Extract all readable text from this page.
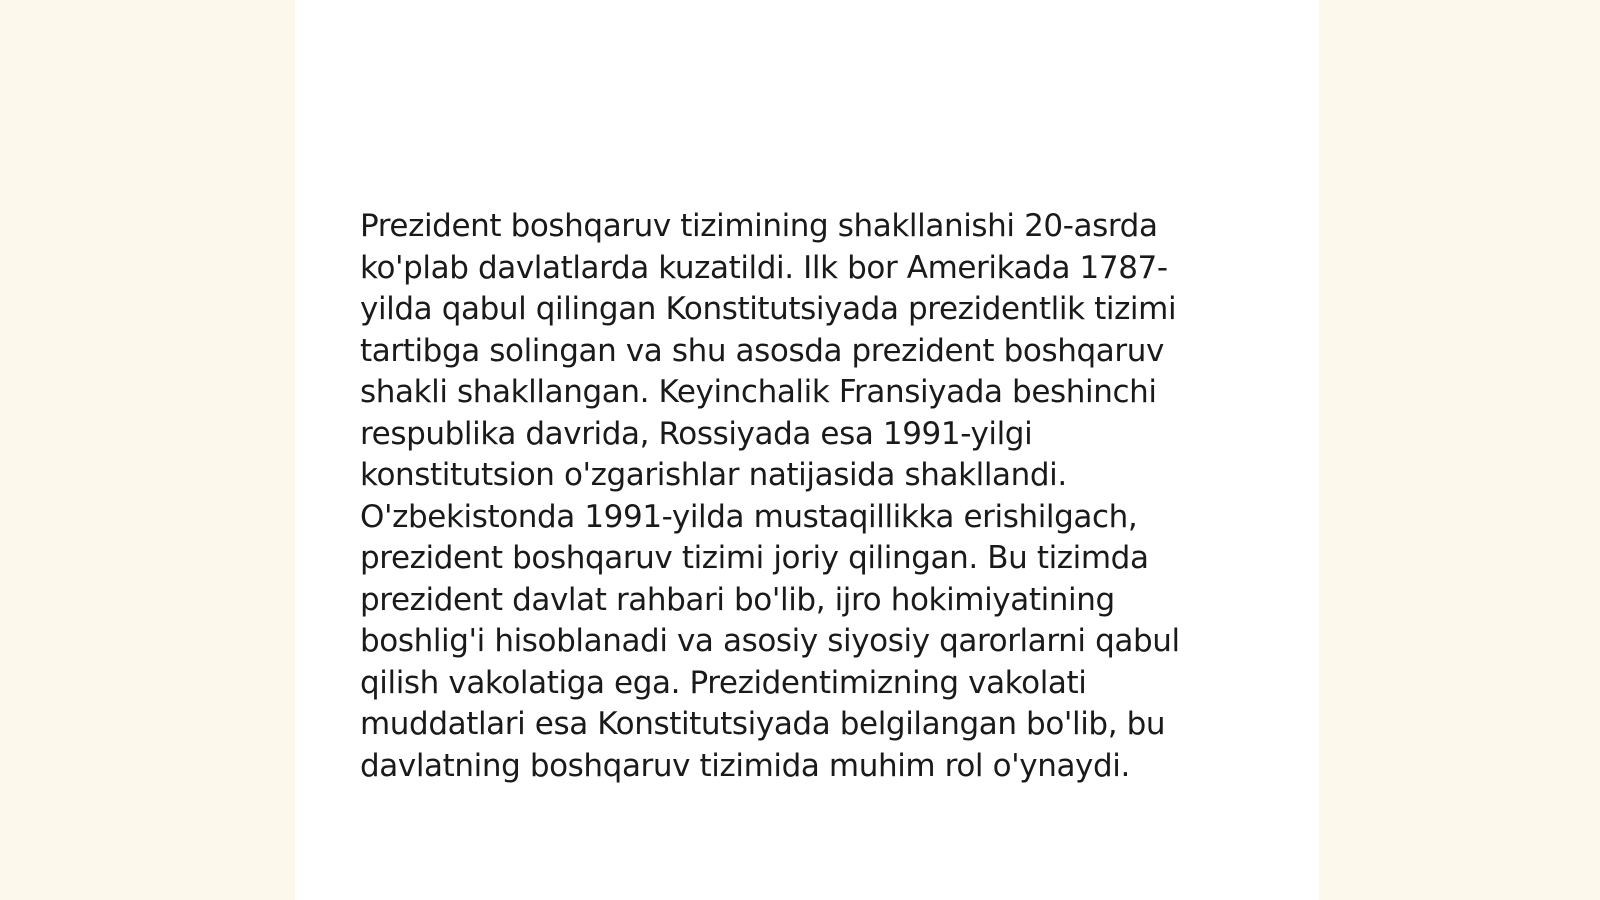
Prezident boshqaruv tizimining shakllanishi 20-asrda
ko'plab davlatlarda kuzatildi. Ilk bor Amerikada 1787-
yilda qabul qilingan Konstitutsiyada prezidentlik tizimi
tartibga solingan va shu asosda prezident boshqaruv
shakli shakllangan. Keyinchalik Fransiyada beshinchi
respublika davrida, Rossiyada esa 1991-yilgi
konstitutsion o'zgarishlar natijasida shakllandi.
O'zbekistonda 1991-yilda mustaqillikka erishilgach,
prezident boshqaruv tizimi joriy qilingan. Bu tizimda
prezident davlat rahbari bo'lib, ijro hokimiyatining
boshlig'i hisoblanadi va asosiy siyosiy qarorlarni qabul
qilish vakolatiga ega. Prezidentimizning vakolati
muddatlari esa Konstitutsiyada belgilangan bo'lib, bu
davlatning boshqaruv tizimida muhim rol o'ynaydi.
